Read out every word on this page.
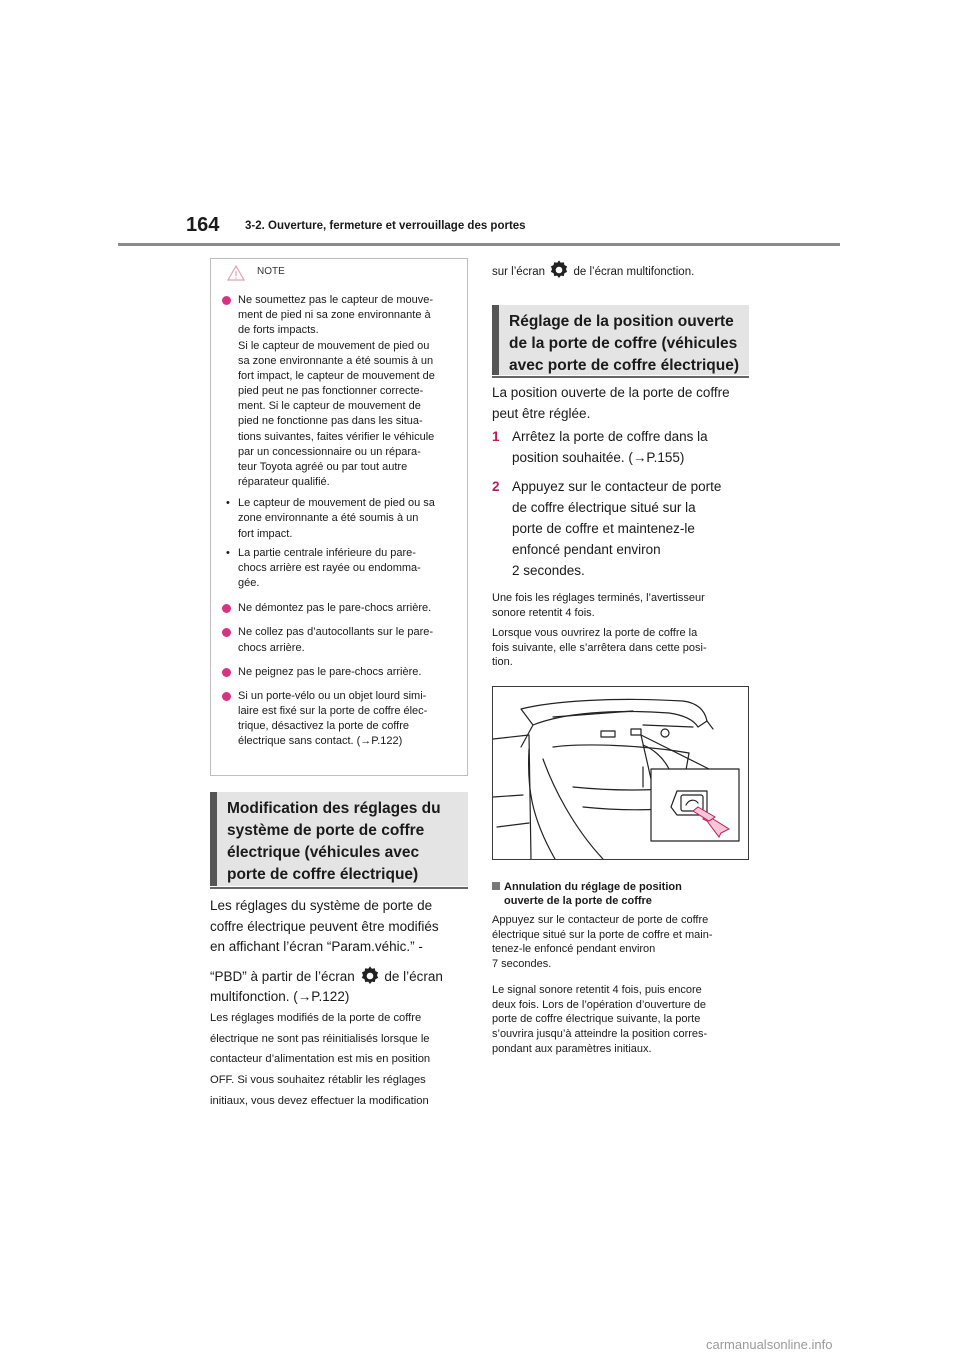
164 3-2. Ouverture, fermeture et verrouillage des portes
NOTE
Ne soumettez pas le capteur de mouve-
ment de pied ni sa zone environnante à
de forts impacts.
Si le capteur de mouvement de pied ou
sa zone environnante a été soumis à un
fort impact, le capteur de mouvement de
pied peut ne pas fonctionner correcte-
ment. Si le capteur de mouvement de
pied ne fonctionne pas dans les situa-
tions suivantes, faites vérifier le véhicule
par un concessionnaire ou un répara-
teur Toyota agréé ou par tout autre
réparateur qualifié.
• Le capteur de mouvement de pied ou sa
zone environnante a été soumis à un
fort impact.
• La partie centrale inférieure du pare-
chocs arrière est rayée ou endomma-
gée.
Ne démontez pas le pare-chocs arrière.
Ne collez pas d’autocollants sur le pare-
chocs arrière.
Ne peignez pas le pare-chocs arrière.
Si un porte-vélo ou un objet lourd simi-
laire est fixé sur la porte de coffre élec-
trique, désactivez la porte de coffre
électrique sans contact. (→P.122)
Modification des réglages du
système de porte de coffre
électrique (véhicules avec
porte de coffre électrique)
Les réglages du système de porte de
coffre électrique peuvent être modifiés
en affichant l’écran “Param.véhic.” -
“PBD” à partir de l’écran de l’écran
multifonction. (→P.122)
Les réglages modifiés de la porte de coffre
électrique ne sont pas réinitialisés lorsque le
contacteur d’alimentation est mis en position
OFF. Si vous souhaitez rétablir les réglages
initiaux, vous devez effectuer la modification
sur l’écran de l’écran multifonction.
Réglage de la position ouverte
de la porte de coffre (véhicules
avec porte de coffre électrique)
La position ouverte de la porte de coffre
peut être réglée.
1 Arrêtez la porte de coffre dans la
position souhaitée. (→P.155)
2 Appuyez sur le contacteur de porte
de coffre électrique situé sur la
porte de coffre et maintenez-le
enfoncé pendant environ
2 secondes.
Une fois les réglages terminés, l’avertisseur
sonore retentit 4 fois.
Lorsque vous ouvrirez la porte de coffre la
fois suivante, elle s’arrêtera dans cette posi-
tion.
Annulation du réglage de position
ouverte de la porte de coffre
Appuyez sur le contacteur de porte de coffre
électrique situé sur la porte de coffre et main-
tenez-le enfoncé pendant environ
7 secondes.
Le signal sonore retentit 4 fois, puis encore
deux fois. Lors de l’opération d’ouverture de
porte de coffre électrique suivante, la porte
s’ouvrira jusqu’à atteindre la position corres-
pondant aux paramètres initiaux.
carmanualsonline.info
